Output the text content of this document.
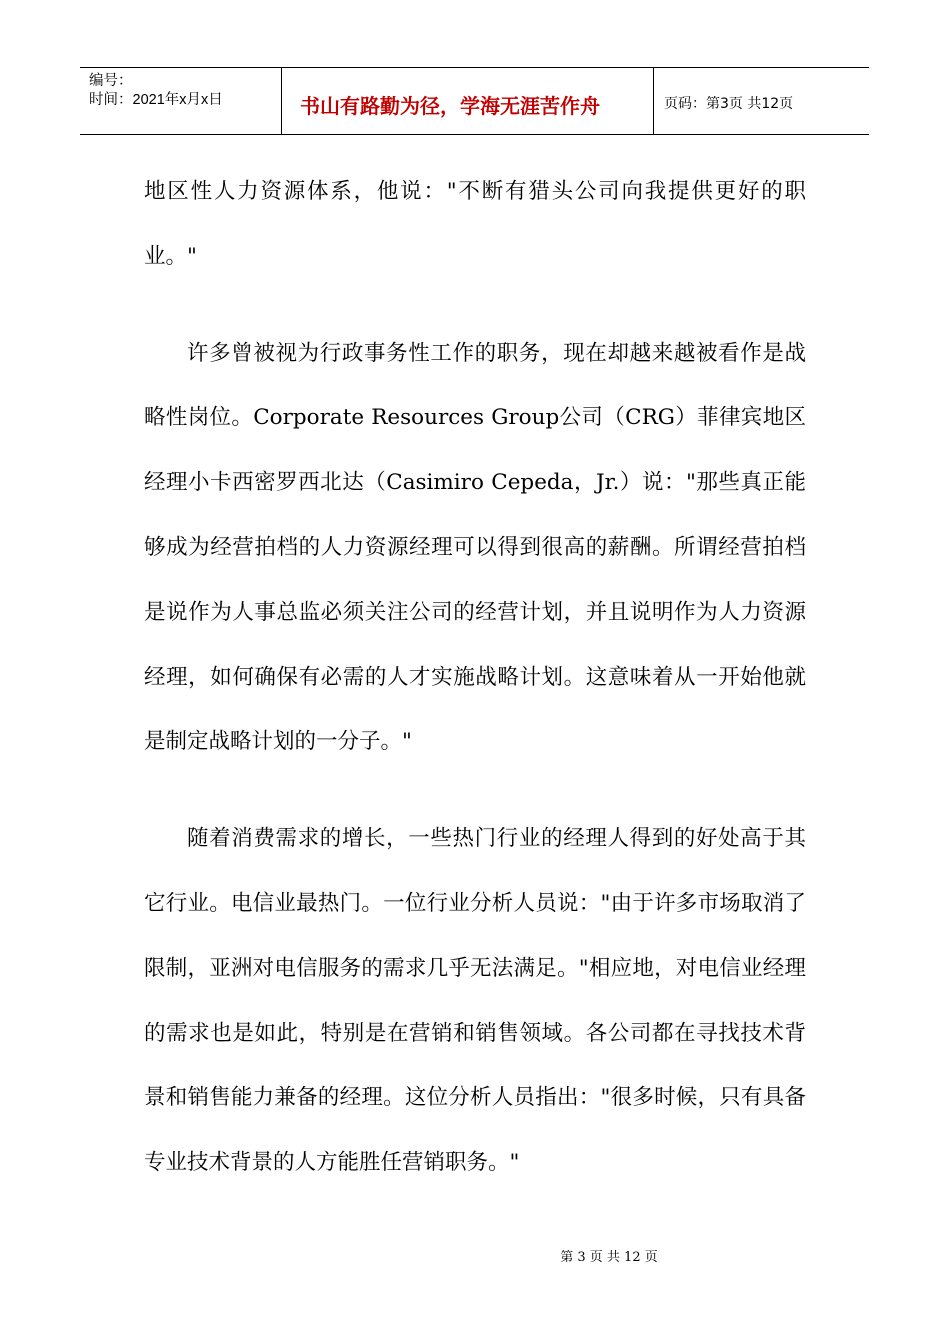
编号：
时间：2021年x月x日	书山有路勤为径，学海无涯苦作舟	页码：第3页 共12页

地区性人力资源体系，他说："不断有猎头公司向我提供更好的职业。"

许多曾被视为行政事务性工作的职务，现在却越来越被看作是战略性岗位。Corporate Resources Group公司（CRG）菲律宾地区经理小卡西密罗西北达（Casimiro Cepeda，Jr.）说："那些真正能够成为经营拍档的人力资源经理可以得到很高的薪酬。所谓经营拍档是说作为人事总监必须关注公司的经营计划，并且说明作为人力资源经理，如何确保有必需的人才实施战略计划。这意味着从一开始他就是制定战略计划的一分子。"

随着消费需求的增长，一些热门行业的经理人得到的好处高于其它行业。电信业最热门。一位行业分析人员说："由于许多市场取消了限制，亚洲对电信服务的需求几乎无法满足。"相应地，对电信业经理的需求也是如此，特别是在营销和销售领域。各公司都在寻找技术背景和销售能力兼备的经理。这位分析人员指出："很多时候，只有具备专业技术背景的人方能胜任营销职务。"

第 3 页 共 12 页
